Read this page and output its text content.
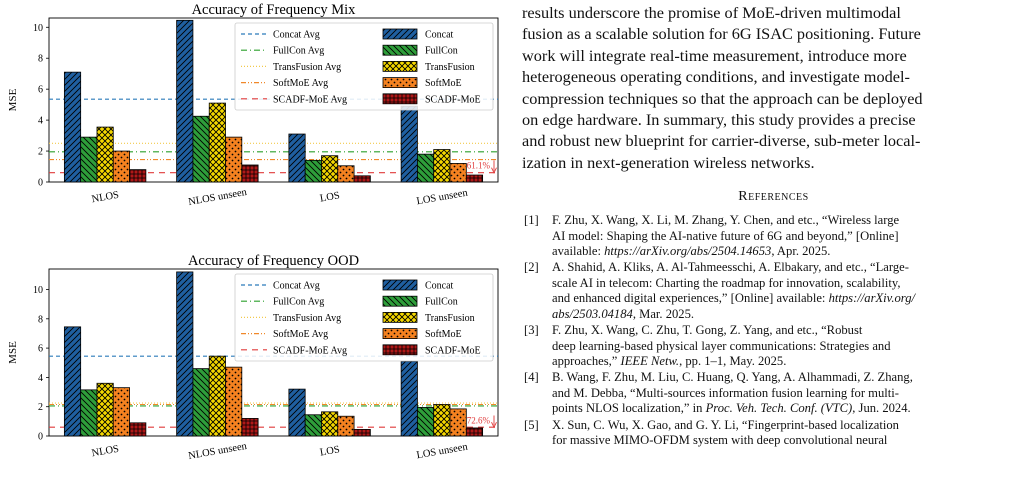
Accuracy of Frequency Mix
0
2
4
6
8
10
MSE
NLOS	NLOS unseen	LOS	LOS unseen
61.1%
Concat Avg
FullCon Avg
TransFusion Avg
SoftMoE Avg
SCADF-MoE Avg
Concat
FullCon
TransFusion
SoftMoE
SCADF-MoE
Accuracy of Frequency OOD
0
2
4
6
8
10
MSE
NLOS	NLOS unseen	LOS	LOS unseen
72.6%
Concat Avg
FullCon Avg
TransFusion Avg
SoftMoE Avg
SCADF-MoE Avg
Concat
FullCon
TransFusion
SoftMoE
SCADF-MoE

results underscore the promise of MoE-driven multimodal
fusion as a scalable solution for 6G ISAC positioning. Future
work will integrate real-time measurement, introduce more
heterogeneous operating conditions, and investigate model-
compression techniques so that the approach can be deployed
on edge hardware. In summary, this study provides a precise
and robust new blueprint for carrier-diverse, sub-meter local-
ization in next-generation wireless networks.

References
[1] F. Zhu, X. Wang, X. Li, M. Zhang, Y. Chen, and etc., “Wireless large
AI model: Shaping the AI-native future of 6G and beyond,” [Online]
available: https://arXiv.org/abs/2504.14653, Apr. 2025.
[2] A. Shahid, A. Kliks, A. Al-Tahmeesschi, A. Elbakary, and etc., “Large-
scale AI in telecom: Charting the roadmap for innovation, scalability,
and enhanced digital experiences,” [Online] available: https://arXiv.org/
abs/2503.04184, Mar. 2025.
[3] F. Zhu, X. Wang, C. Zhu, T. Gong, Z. Yang, and etc., “Robust
deep learning-based physical layer communications: Strategies and
approaches,” IEEE Netw., pp. 1–1, May. 2025.
[4] B. Wang, F. Zhu, M. Liu, C. Huang, Q. Yang, A. Alhammadi, Z. Zhang,
and M. Debba, “Multi-sources information fusion learning for multi-
points NLOS localization,” in Proc. Veh. Tech. Conf. (VTC), Jun. 2024.
[5] X. Sun, C. Wu, X. Gao, and G. Y. Li, “Fingerprint-based localization
for massive MIMO-OFDM system with deep convolutional neural
